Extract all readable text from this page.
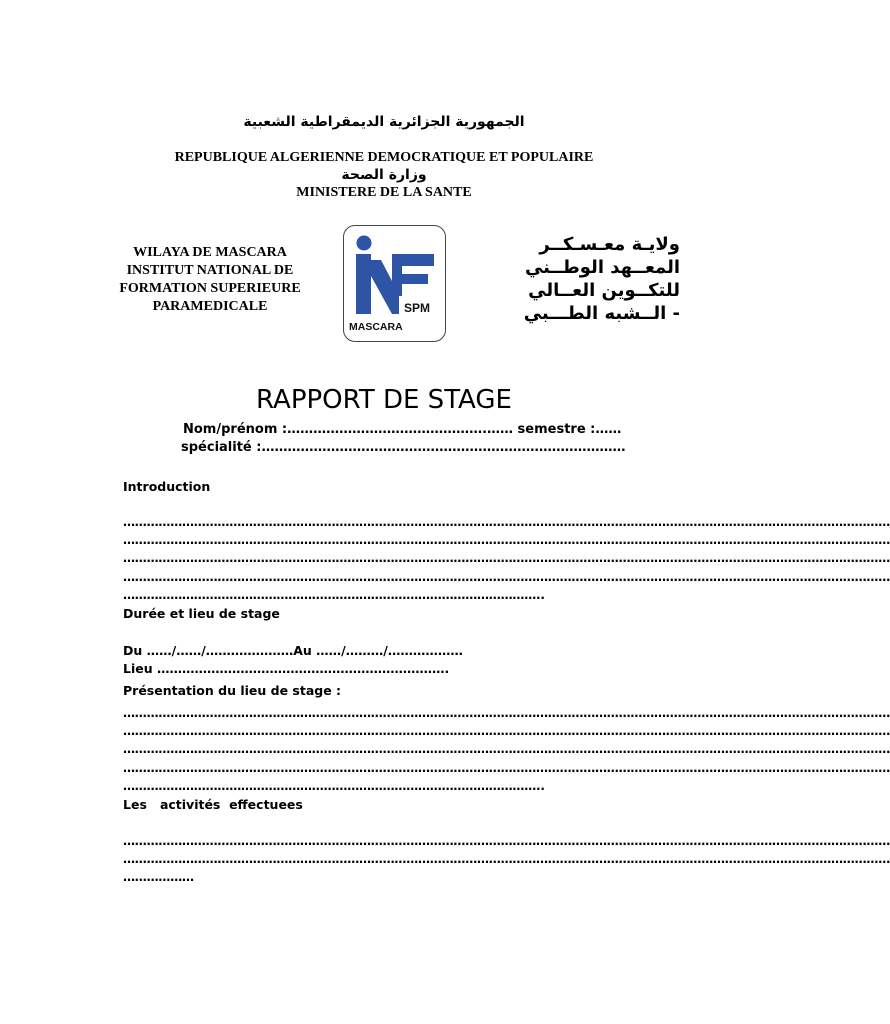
الجمهورية الجزائرية الديمقراطية الشعبية
REPUBLIQUE ALGERIENNE DEMOCRATIQUE ET POPULAIRE
وزارة الصحة
MINISTERE DE LA SANTE
WILAYA DE MASCARA
INSTITUT NATIONAL DE
FORMATION SUPERIEURE
PARAMEDICALE	SPM
MASCARA
ولايـة معـسـكــر
المعــهد الوطــني
للتكــوين العــالي
- الــشبه الطـــبي
RAPPORT DE STAGE
Nom/prénom :……………………………………….…… semestre :……
spécialité :…………………………………………………………………………
Introduction
……………………………………………………………………………………………………………………………………………………………………………
……………………………………………………………………………………………………………………………………………………………………………
……………………………………………………………………………………………………………………………………………………………………………
……………………………………………………………………………………………………………………………………………………………………………
……………………………………………………………………………………………..
Durée et lieu de stage
Du ……/……/…………………Au ……/………/………………
Lieu …………………………………………………………….
Présentation du lieu de stage :
……………………………………………………………………………………………………………………………………………………………………………
……………………………………………………………………………………………………………………………………………………………………………
……………………………………………………………………………………………………………………………………………………………………………
……………………………………………………………………………………………………………………………………………………………………………
……………………………………………………………………………………………..
Les   activités  effectuees
……………………………………………………………………………………………………………………………………………………………………………
……………………………………………………………………………………………………………………………………………………………………………
………………
